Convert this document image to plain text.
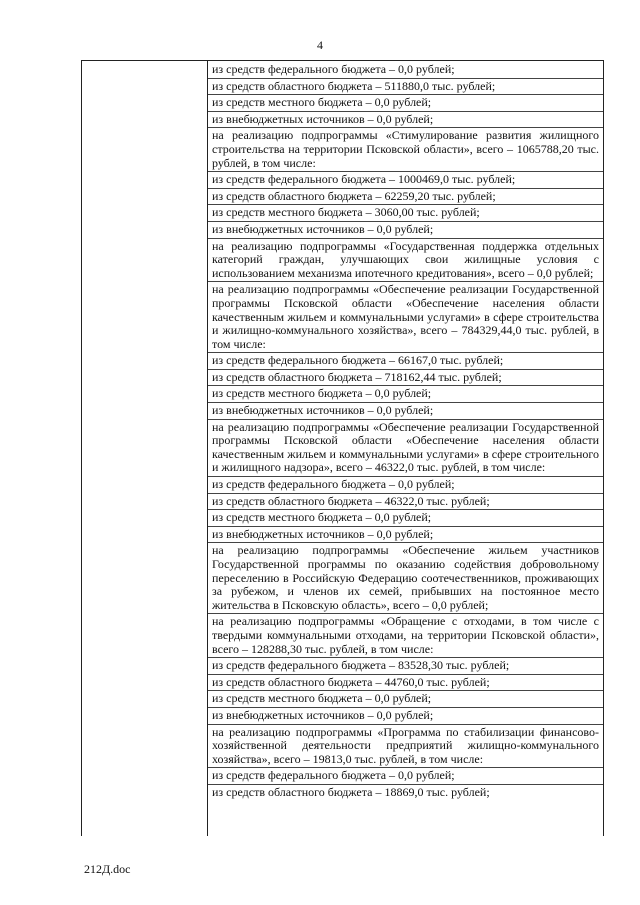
4
из средств федерального бюджета – 0,0 рублей;
из средств областного бюджета – 511880,0 тыс. рублей;
из средств местного бюджета – 0,0 рублей;
из внебюджетных источников – 0,0 рублей;
на реализацию подпрограммы «Стимулирование развития жилищного строительства на территории Псковской области», всего – 1065788,20 тыс. рублей, в том числе:
из средств федерального бюджета – 1000469,0 тыс. рублей;
из средств областного бюджета – 62259,20 тыс. рублей;
из средств местного бюджета – 3060,00 тыс. рублей;
из внебюджетных источников – 0,0 рублей;
на реализацию подпрограммы «Государственная поддержка отдельных категорий граждан, улучшающих свои жилищные условия с использованием механизма ипотечного кредитования», всего – 0,0 рублей;
на реализацию подпрограммы «Обеспечение реализации Государственной программы Псковской области «Обеспечение населения области качественным жильем и коммунальными услугами» в сфере строительства и жилищно-коммунального хозяйства», всего – 784329,44,0 тыс. рублей, в том числе:
из средств федерального бюджета – 66167,0 тыс. рублей;
из средств областного бюджета – 718162,44 тыс. рублей;
из средств местного бюджета – 0,0 рублей;
из внебюджетных источников – 0,0 рублей;
на реализацию подпрограммы «Обеспечение реализации Государственной программы Псковской области «Обеспечение населения области качественным жильем и коммунальными услугами» в сфере строительного и жилищного надзора», всего – 46322,0 тыс. рублей, в том числе:
из средств федерального бюджета – 0,0 рублей;
из средств областного бюджета – 46322,0 тыс. рублей;
из средств местного бюджета – 0,0 рублей;
из внебюджетных источников – 0,0 рублей;
на реализацию подпрограммы «Обеспечение жильем участников Государственной программы по оказанию содействия добровольному переселению в Российскую Федерацию соотечественников, проживающих за рубежом, и членов их семей, прибывших на постоянное место жительства в Псковскую область», всего – 0,0 рублей;
на реализацию подпрограммы «Обращение с отходами, в том числе с твердыми коммунальными отходами, на территории Псковской области», всего – 128288,30 тыс. рублей, в том числе:
из средств федерального бюджета – 83528,30 тыс. рублей;
из средств областного бюджета – 44760,0 тыс. рублей;
из средств местного бюджета – 0,0 рублей;
из внебюджетных источников – 0,0 рублей;
на реализацию подпрограммы «Программа по стабилизации финансово-хозяйственной деятельности предприятий жилищно-коммунального хозяйства», всего – 19813,0 тыс. рублей, в том числе:
из средств федерального бюджета – 0,0 рублей;
из средств областного бюджета – 18869,0 тыс. рублей;
212Д.doc
